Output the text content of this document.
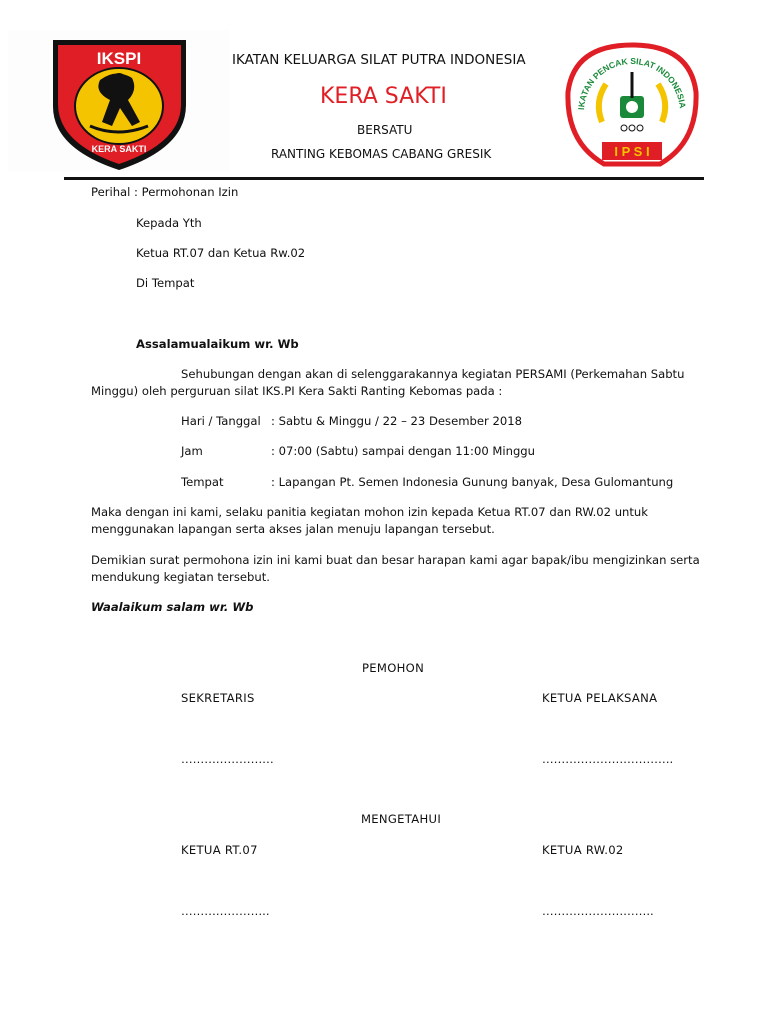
IKSPI
KERA SAKTI
IKATAN KELUARGA SILAT PUTRA INDONESIA
KERA SAKTI
BERSATU
RANTING KEBOMAS CABANG GRESIK
IKATAN PENCAK SILAT INDONESIA
I P S I
Perihal : Permohonan Izin
Kepada Yth
Ketua RT.07 dan Ketua Rw.02
Di Tempat
Assalamualaikum wr. Wb
Sehubungan dengan akan di selenggarakannya kegiatan PERSAMI (Perkemahan Sabtu
Minggu) oleh perguruan silat IKS.PI Kera Sakti Ranting Kebomas pada :
Hari / Tanggal : Sabtu & Minggu / 22 – 23 Desember 2018
Jam	: 07:00 (Sabtu) sampai dengan 11:00 Minggu
Tempat	: Lapangan Pt. Semen Indonesia Gunung banyak, Desa Gulomantung
Maka dengan ini kami, selaku panitia kegiatan mohon izin kepada Ketua RT.07 dan RW.02 untuk
menggunakan lapangan serta akses jalan menuju lapangan tersebut.
Demikian surat permohona izin ini kami buat dan besar harapan kami agar bapak/ibu mengizinkan serta
mendukung kegiatan tersebut.
Waalaikum salam wr. Wb
PEMOHON
SEKRETARIS	KETUA PELAKSANA
……………………	…………………………….
MENGETAHUI
KETUA RT.07	KETUA RW.02
…………………..	………………………..
